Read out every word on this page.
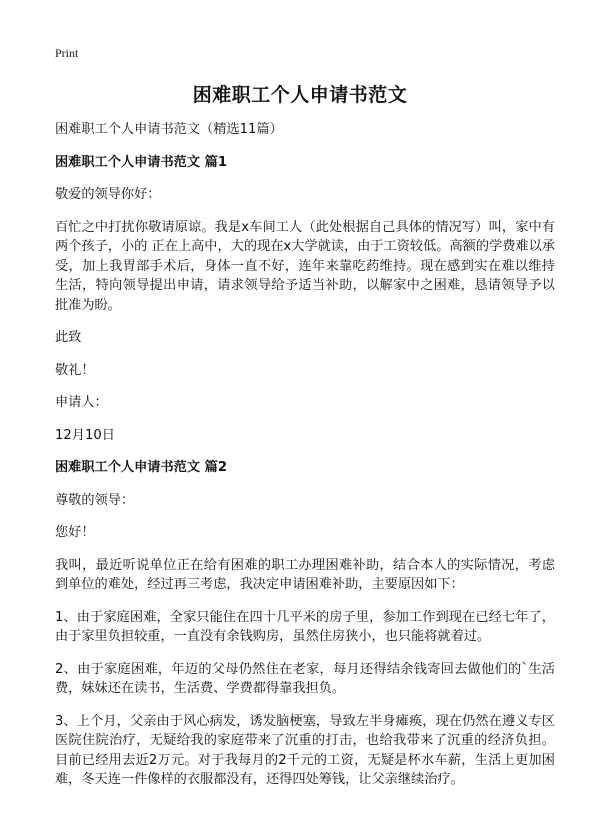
Print
困难职工个人申请书范文

困难职工个人申请书范文（精选11篇）

困难职工个人申请书范文 篇1

敬爱的领导你好：

百忙之中打扰你敬请原谅。我是x车间工人（此处根据自己具体的情况写）叫，家中有两个孩子，小的 正在上高中，大的现在x大学就读，由于工资较低。高额的学费难以承受，加上我胃部手术后，身体一直不好，连年来靠吃药维持。现在感到实在难以维持生活，特向领导提出申请，请求领导给予适当补助，以解家中之困难，恳请领导予以批准为盼。

此致

敬礼！

申请人：

12月10日

困难职工个人申请书范文 篇2

尊敬的领导：

您好！

我叫，最近听说单位正在给有困难的职工办理困难补助，结合本人的实际情况，考虑到单位的难处，经过再三考虑，我决定申请困难补助，主要原因如下：

1、由于家庭困难，全家只能住在四十几平米的房子里，参加工作到现在已经七年了，由于家里负担较重，一直没有余钱购房，虽然住房狭小，也只能将就着过。

2、由于家庭困难，年迈的父母仍然住在老家，每月还得结余钱寄回去做他们的`生活费，妹妹还在读书，生活费、学费都得靠我担负。

3、上个月，父亲由于风心病发，诱发脑梗塞，导致左半身瘫痪，现在仍然在遵义专区医院住院治疗，无疑给我的家庭带来了沉重的打击，也给我带来了沉重的经济负担。目前已经用去近2万元。对于我每月的2千元的工资，无疑是杯水车薪，生活上更加困难，冬天连一件像样的衣服都没有，还得四处筹钱，让父亲继续治疗。
